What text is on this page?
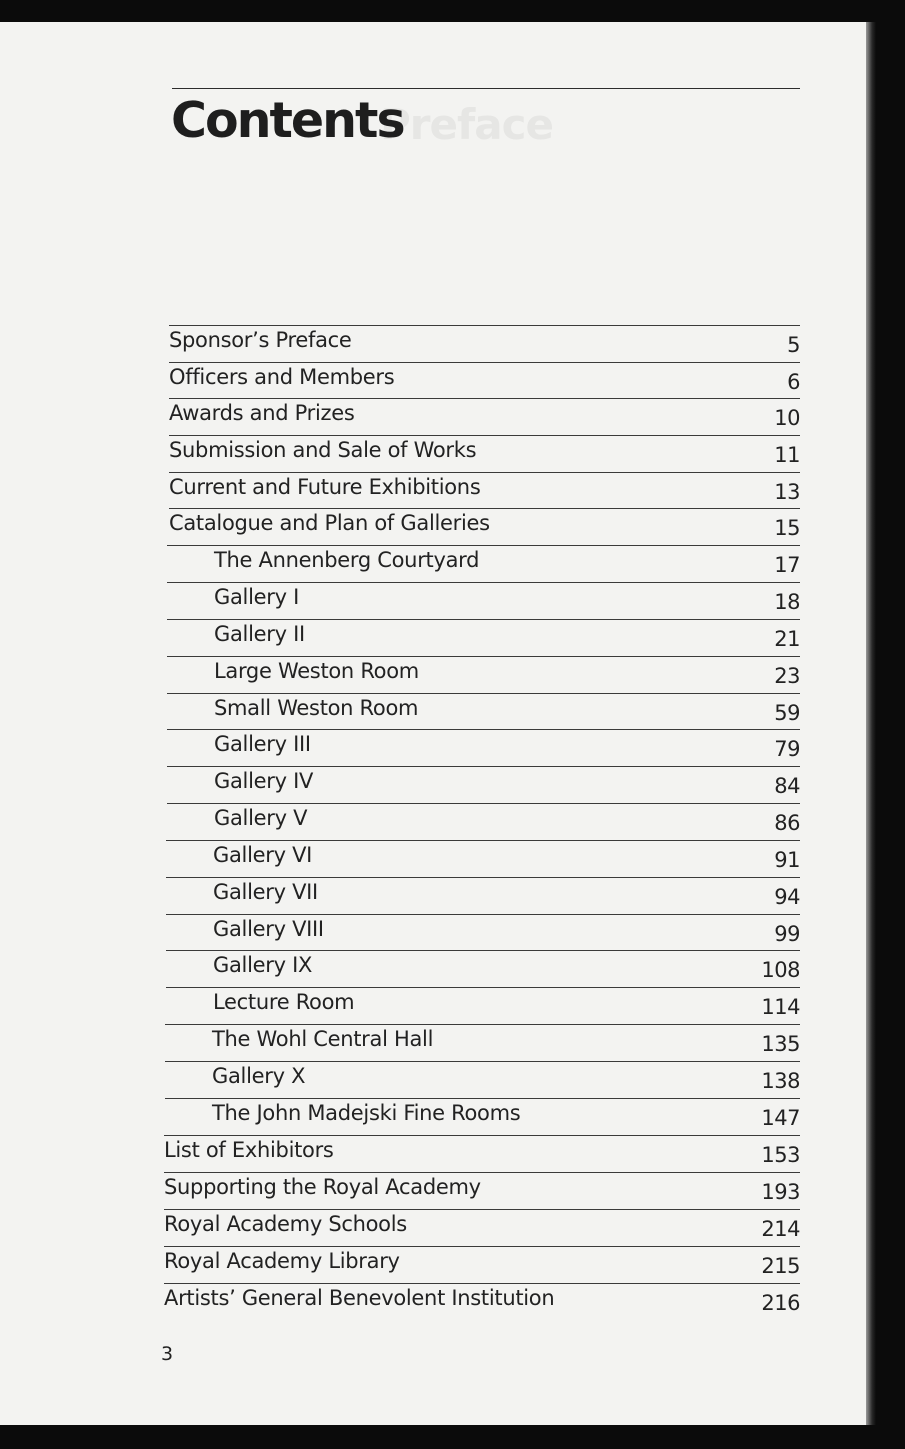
Preface
Contents
Sponsor’s Preface	5
Officers and Members	6
Awards and Prizes	10
Submission and Sale of Works	11
Current and Future Exhibitions	13
Catalogue and Plan of Galleries	15
The Annenberg Courtyard	17
Gallery I	18
Gallery II	21
Large Weston Room	23
Small Weston Room	59
Gallery III	79
Gallery IV	84
Gallery V	86
Gallery VI	91
Gallery VII	94
Gallery VIII	99
Gallery IX	108
Lecture Room	114
The Wohl Central Hall	135
Gallery X	138
The John Madejski Fine Rooms	147
List of Exhibitors	153
Supporting the Royal Academy	193
Royal Academy Schools	214
Royal Academy Library	215
Artists’ General Benevolent Institution	216
3
